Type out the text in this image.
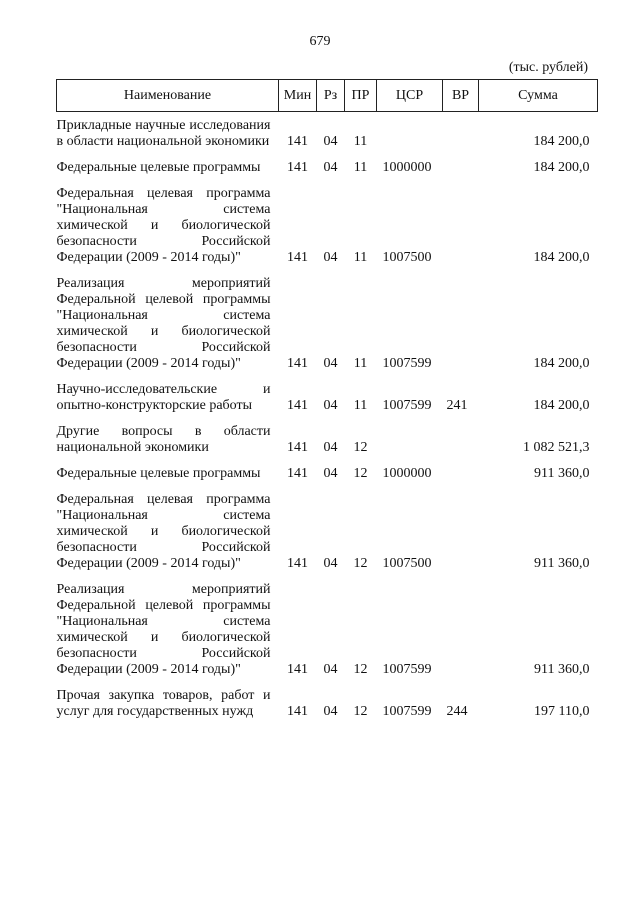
679
(тыс. рублей)
Наименование	Мин	Рз	ПР	ЦСР	ВР	Сумма
Прикладные научные исследования в области национальной экономики	141	04	11			184 200,0
Федеральные целевые программы	141	04	11	1000000		184 200,0
Федеральная целевая программа "Национальная система химической и биологической безопасности Российской Федерации (2009 - 2014 годы)"	141	04	11	1007500		184 200,0
Реализация мероприятий Федеральной целевой программы "Национальная система химической и биологической безопасности Российской Федерации (2009 - 2014 годы)"	141	04	11	1007599		184 200,0
Научно-исследовательские и опытно-конструкторские работы	141	04	11	1007599	241	184 200,0
Другие вопросы в области национальной экономики	141	04	12			1 082 521,3
Федеральные целевые программы	141	04	12	1000000		911 360,0
Федеральная целевая программа "Национальная система химической и биологической безопасности Российской Федерации (2009 - 2014 годы)"	141	04	12	1007500		911 360,0
Реализация мероприятий Федеральной целевой программы "Национальная система химической и биологической безопасности Российской Федерации (2009 - 2014 годы)"	141	04	12	1007599		911 360,0
Прочая закупка товаров, работ и услуг для государственных нужд	141	04	12	1007599	244	197 110,0
